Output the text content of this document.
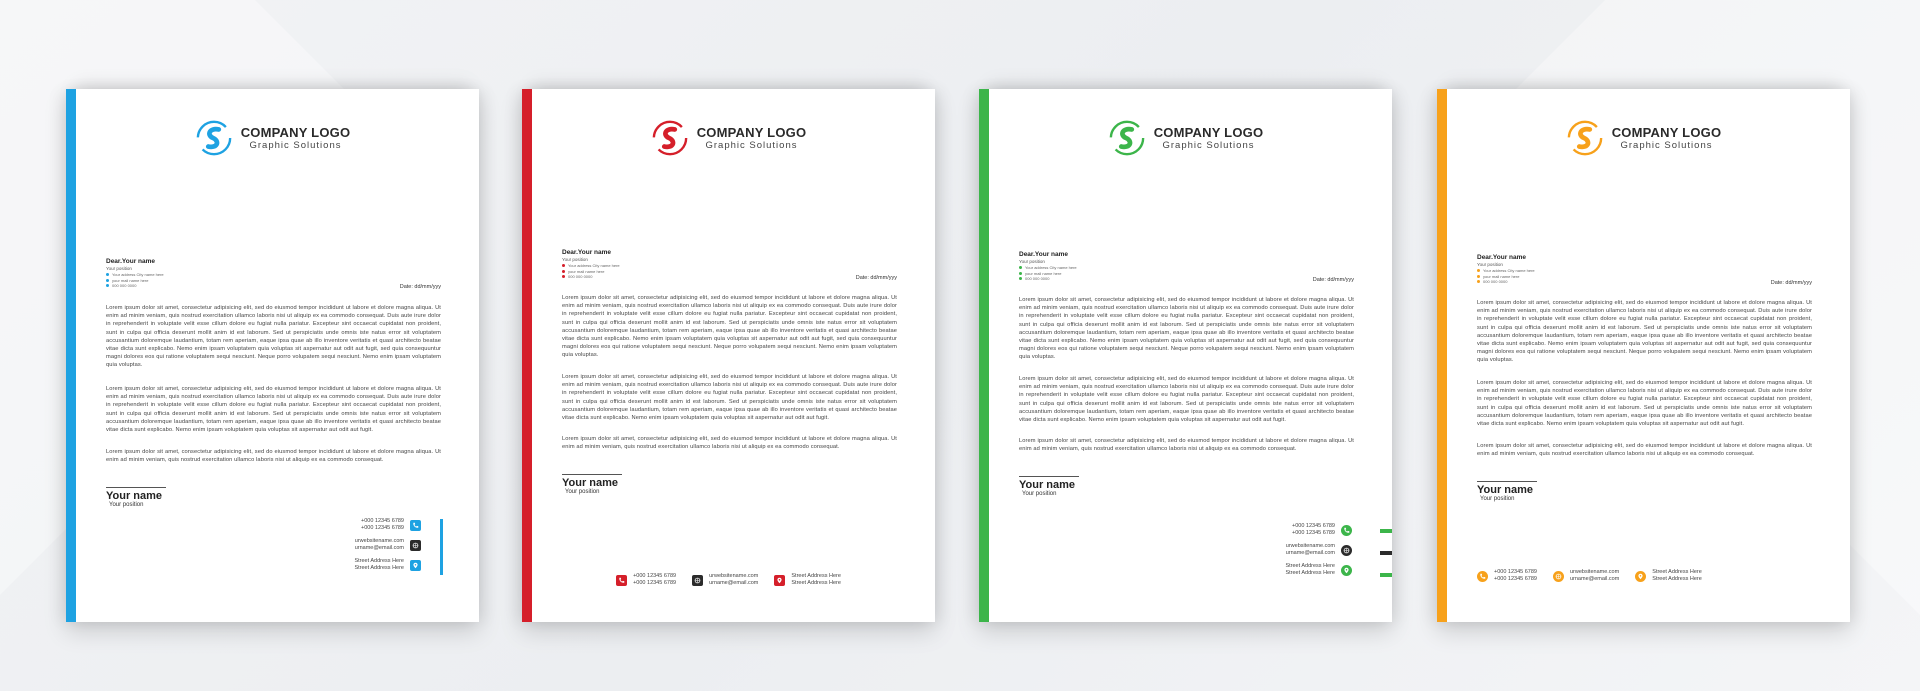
COMPANY LOGO
Graphic Solutions
Dear.Your name
Your position
Your address City name here
your mail name here
000 000 0000	Date: dd/mm/yyy
Lorem ipsum dolor sit amet, consectetur adipisicing elit, sed do eiusmod tempor incididunt ut labore et dolore magna aliqua. Ut enim ad minim veniam, quis nostrud exercitation ullamco laboris nisi ut aliquip ex ea commodo consequat. Duis aute irure dolor in reprehenderit in voluptate velit esse cillum dolore eu fugiat nulla pariatur. Excepteur sint occaecat cupidatat non proident, sunt in culpa qui officia deserunt mollit anim id est laborum. Sed ut perspiciatis unde omnis iste natus error sit voluptatem accusantium doloremque laudantium, totam rem aperiam, eaque ipsa quae ab illo inventore veritatis et quasi architecto beatae vitae dicta sunt explicabo. Nemo enim ipsam voluptatem quia voluptas sit aspernatur aut odit aut fugit, sed quia consequuntur magni dolores eos qui ratione voluptatem sequi nesciunt. Neque porro volupatem sequi nesciunt. Nemo enim ipsam voluptatem quia voluptas.
Lorem ipsum dolor sit amet, consectetur adipisicing elit, sed do eiusmod tempor incididunt ut labore et dolore magna aliqua. Ut enim ad minim veniam, quis nostrud exercitation ullamco laboris nisi ut aliquip ex ea commodo consequat. Duis aute irure dolor in reprehenderit in voluptate velit esse cillum dolore eu fugiat nulla pariatur. Excepteur sint occaecat cupidatat non proident, sunt in culpa qui officia deserunt mollit anim id est laborum. Sed ut perspiciatis unde omnis iste natus error sit voluptatem accusantium doloremque laudantium, totam rem aperiam, eaque ipsa quae ab illo inventore veritatis et quasi architecto beatae vitae dicta sunt explicabo. Nemo enim ipsam voluptatem quia voluptas sit aspernatur aut odit aut fugit.
Lorem ipsum dolor sit amet, consectetur adipisicing elit, sed do eiusmod tempor incididunt ut labore et dolore magna aliqua. Ut enim ad minim veniam, quis nostrud exercitation ullamco laboris nisi ut aliquip ex ea commodo consequat.
Your name
Your position
+000 12345 6789
+000 12345 6789
urwebsitename.com
urname@email.com
Street Address Here
Street Address Here
COMPANY LOGO
Graphic Solutions
Dear.Your name
Your position
Your address City name here
your mail name here
000 000 0000	Date: dd/mm/yyy
Lorem ipsum dolor sit amet, consectetur adipisicing elit, sed do eiusmod tempor incididunt ut labore et dolore magna aliqua. Ut enim ad minim veniam, quis nostrud exercitation ullamco laboris nisi ut aliquip ex ea commodo consequat. Duis aute irure dolor in reprehenderit in voluptate velit esse cillum dolore eu fugiat nulla pariatur. Excepteur sint occaecat cupidatat non proident, sunt in culpa qui officia deserunt mollit anim id est laborum. Sed ut perspiciatis unde omnis iste natus error sit voluptatem accusantium doloremque laudantium, totam rem aperiam, eaque ipsa quae ab illo inventore veritatis et quasi architecto beatae vitae dicta sunt explicabo. Nemo enim ipsam voluptatem quia voluptas sit aspernatur aut odit aut fugit, sed quia consequuntur magni dolores eos qui ratione voluptatem sequi nesciunt. Neque porro volupatem sequi nesciunt. Nemo enim ipsam voluptatem quia voluptas.
Lorem ipsum dolor sit amet, consectetur adipisicing elit, sed do eiusmod tempor incididunt ut labore et dolore magna aliqua. Ut enim ad minim veniam, quis nostrud exercitation ullamco laboris nisi ut aliquip ex ea commodo consequat. Duis aute irure dolor in reprehenderit in voluptate velit esse cillum dolore eu fugiat nulla pariatur. Excepteur sint occaecat cupidatat non proident, sunt in culpa qui officia deserunt mollit anim id est laborum. Sed ut perspiciatis unde omnis iste natus error sit voluptatem accusantium doloremque laudantium, totam rem aperiam, eaque ipsa quae ab illo inventore veritatis et quasi architecto beatae vitae dicta sunt explicabo. Nemo enim ipsam voluptatem quia voluptas sit aspernatur aut odit aut fugit.
Lorem ipsum dolor sit amet, consectetur adipisicing elit, sed do eiusmod tempor incididunt ut labore et dolore magna aliqua. Ut enim ad minim veniam, quis nostrud exercitation ullamco laboris nisi ut aliquip ex ea commodo consequat.
Your name
Your position
+000 12345 6789
+000 12345 6789
urwebsitename.com
urname@email.com
Street Address Here
Street Address Here
COMPANY LOGO
Graphic Solutions
Dear.Your name
Your position
Your address City name here
your mail name here
000 000 0000	Date: dd/mm/yyy
Lorem ipsum dolor sit amet, consectetur adipisicing elit, sed do eiusmod tempor incididunt ut labore et dolore magna aliqua. Ut enim ad minim veniam, quis nostrud exercitation ullamco laboris nisi ut aliquip ex ea commodo consequat. Duis aute irure dolor in reprehenderit in voluptate velit esse cillum dolore eu fugiat nulla pariatur. Excepteur sint occaecat cupidatat non proident, sunt in culpa qui officia deserunt mollit anim id est laborum. Sed ut perspiciatis unde omnis iste natus error sit voluptatem accusantium doloremque laudantium, totam rem aperiam, eaque ipsa quae ab illo inventore veritatis et quasi architecto beatae vitae dicta sunt explicabo. Nemo enim ipsam voluptatem quia voluptas sit aspernatur aut odit aut fugit, sed quia consequuntur magni dolores eos qui ratione voluptatem sequi nesciunt. Neque porro volupatem sequi nesciunt. Nemo enim ipsam voluptatem quia voluptas.
Lorem ipsum dolor sit amet, consectetur adipisicing elit, sed do eiusmod tempor incididunt ut labore et dolore magna aliqua. Ut enim ad minim veniam, quis nostrud exercitation ullamco laboris nisi ut aliquip ex ea commodo consequat. Duis aute irure dolor in reprehenderit in voluptate velit esse cillum dolore eu fugiat nulla pariatur. Excepteur sint occaecat cupidatat non proident, sunt in culpa qui officia deserunt mollit anim id est laborum. Sed ut perspiciatis unde omnis iste natus error sit voluptatem accusantium doloremque laudantium, totam rem aperiam, eaque ipsa quae ab illo inventore veritatis et quasi architecto beatae vitae dicta sunt explicabo. Nemo enim ipsam voluptatem quia voluptas sit aspernatur aut odit aut fugit.
Lorem ipsum dolor sit amet, consectetur adipisicing elit, sed do eiusmod tempor incididunt ut labore et dolore magna aliqua. Ut enim ad minim veniam, quis nostrud exercitation ullamco laboris nisi ut aliquip ex ea commodo consequat.
Your name
Your position
+000 12345 6789
+000 12345 6789
urwebsitename.com
urname@email.com
Street Address Here
Street Address Here
COMPANY LOGO
Graphic Solutions
Dear.Your name
Your position
Your address City name here
your mail name here
000 000 0000	Date: dd/mm/yyy
Lorem ipsum dolor sit amet, consectetur adipisicing elit, sed do eiusmod tempor incididunt ut labore et dolore magna aliqua. Ut enim ad minim veniam, quis nostrud exercitation ullamco laboris nisi ut aliquip ex ea commodo consequat. Duis aute irure dolor in reprehenderit in voluptate velit esse cillum dolore eu fugiat nulla pariatur. Excepteur sint occaecat cupidatat non proident, sunt in culpa qui officia deserunt mollit anim id est laborum. Sed ut perspiciatis unde omnis iste natus error sit voluptatem accusantium doloremque laudantium, totam rem aperiam, eaque ipsa quae ab illo inventore veritatis et quasi architecto beatae vitae dicta sunt explicabo. Nemo enim ipsam voluptatem quia voluptas sit aspernatur aut odit aut fugit, sed quia consequuntur magni dolores eos qui ratione voluptatem sequi nesciunt. Neque porro volupatem sequi nesciunt. Nemo enim ipsam voluptatem quia voluptas.
Lorem ipsum dolor sit amet, consectetur adipisicing elit, sed do eiusmod tempor incididunt ut labore et dolore magna aliqua. Ut enim ad minim veniam, quis nostrud exercitation ullamco laboris nisi ut aliquip ex ea commodo consequat. Duis aute irure dolor in reprehenderit in voluptate velit esse cillum dolore eu fugiat nulla pariatur. Excepteur sint occaecat cupidatat non proident, sunt in culpa qui officia deserunt mollit anim id est laborum. Sed ut perspiciatis unde omnis iste natus error sit voluptatem accusantium doloremque laudantium, totam rem aperiam, eaque ipsa quae ab illo inventore veritatis et quasi architecto beatae vitae dicta sunt explicabo. Nemo enim ipsam voluptatem quia voluptas sit aspernatur aut odit aut fugit.
Lorem ipsum dolor sit amet, consectetur adipisicing elit, sed do eiusmod tempor incididunt ut labore et dolore magna aliqua. Ut enim ad minim veniam, quis nostrud exercitation ullamco laboris nisi ut aliquip ex ea commodo consequat.
Your name
Your position
+000 12345 6789
+000 12345 6789
urwebsitename.com
urname@email.com
Street Address Here
Street Address Here
